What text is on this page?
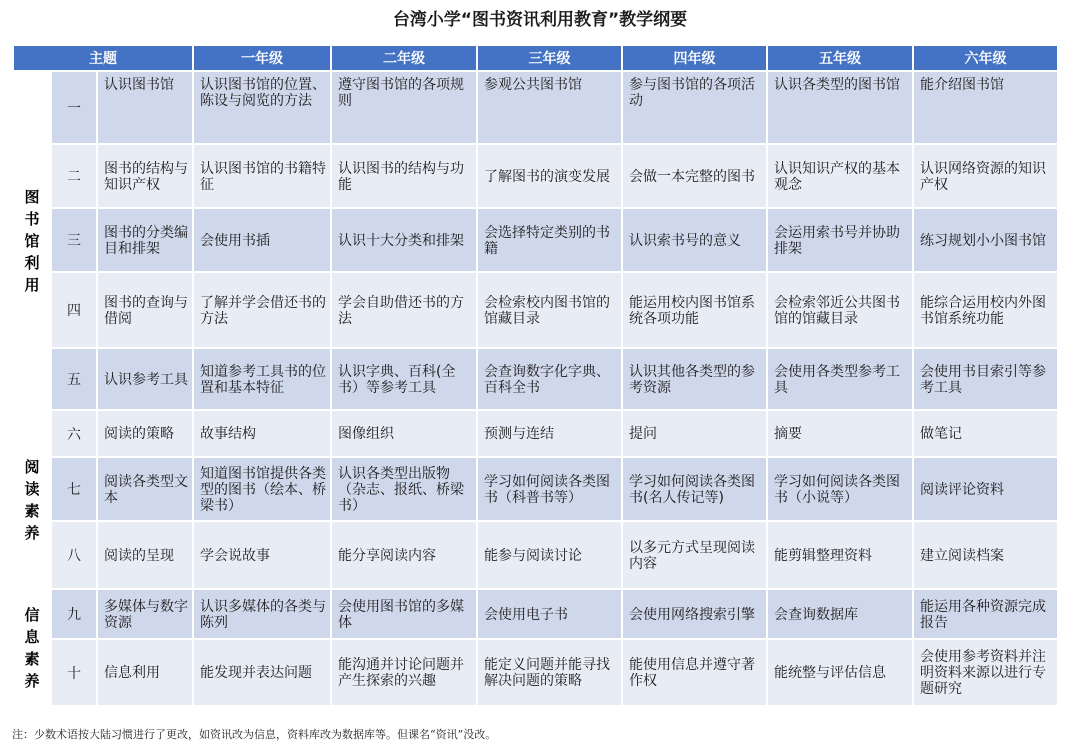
台湾小学“图书资讯利用教育”教学纲要
主题			一年级	二年级	三年级	四年级	五年级	六年级
图书馆利用	一	认识图书馆	认识图书馆的位置、陈设与阅览的方法	遵守图书馆的各项规则	参观公共图书馆	参与图书馆的各项活动	认识各类型的图书馆	能介绍图书馆
	二	图书的结构与知识产权	认识图书馆的书籍特征	认识图书的结构与功能	了解图书的演变发展	会做一本完整的图书	认识知识产权的基本观念	认识网络资源的知识产权
	三	图书的分类编目和排架	会使用书插	认识十大分类和排架	会选择特定类别的书籍	认识索书号的意义	会运用索书号并协助排架	练习规划小小图书馆
	四	图书的查询与借阅	了解并学会借还书的方法	学会自助借还书的方法	会检索校内图书馆的馆藏目录	能运用校内图书馆系统各项功能	会检索邻近公共图书馆的馆藏目录	能综合运用校内外图书馆系统功能
	五	认识参考工具	知道参考工具书的位置和基本特征	认识字典、百科(全书）等参考工具	会查询数字化字典、百科全书	认识其他各类型的参考资源	会使用各类型参考工具	会使用书目索引等参考工具
阅读素养	六	阅读的策略	故事结构	图像组织	预测与连结	提问	摘要	做笔记
	七	阅读各类型文本	知道图书馆提供各类型的图书（绘本、桥梁书）	认识各类型出版物（杂志、报纸、桥梁书）	学习如何阅读各类图书（科普书等）	学习如何阅读各类图书(名人传记等)	学习如何阅读各类图书（小说等）	阅读评论资料
	八	阅读的呈现	学会说故事	能分享阅读内容	能参与阅读讨论	以多元方式呈现阅读内容	能剪辑整理资料	建立阅读档案
信息素养	九	多媒体与数字资源	认识多媒体的各类与陈列	会使用图书馆的多媒体	会使用电子书	会使用网络搜索引擎	会查询数据库	能运用各种资源完成报告
	十	信息利用	能发现并表达问题	能沟通并讨论问题并产生探索的兴趣	能定义问题并能寻找解决问题的策略	能使用信息并遵守著作权	能统整与评估信息	会使用参考资料并注明资料来源以进行专题研究
注：少数术语按大陆习惯进行了更改，如资讯改为信息，资料库改为数据库等。但课名“资讯”没改。
